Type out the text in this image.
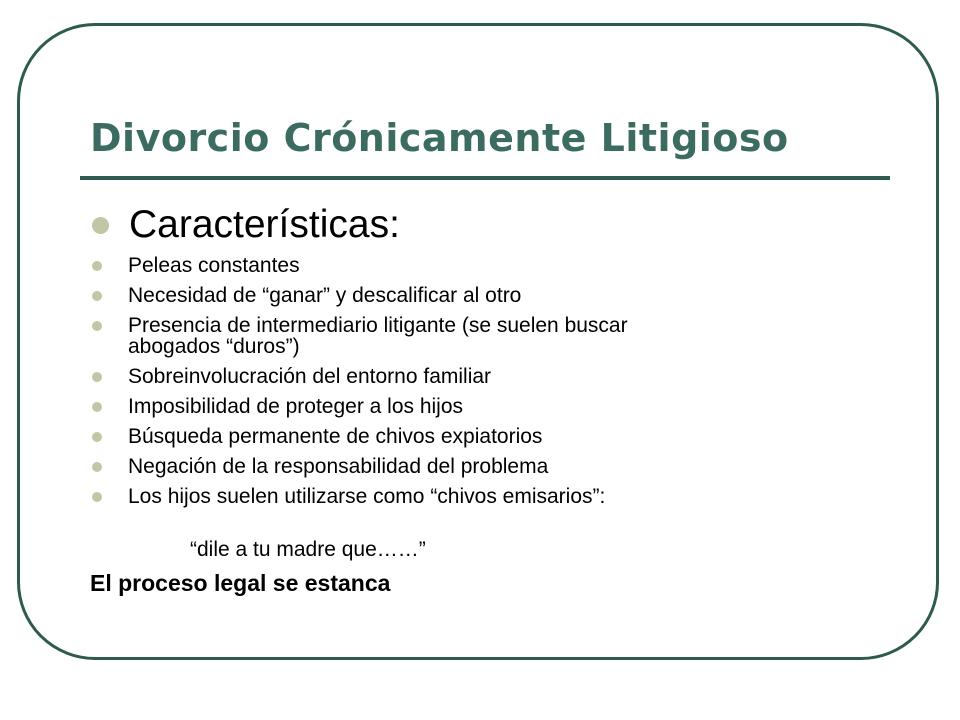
Divorcio Crónicamente Litigioso
Características:
Peleas constantes
Necesidad de “ganar” y descalificar al otro
Presencia de intermediario litigante (se suelen buscar
abogados “duros”)
Sobreinvolucración del entorno familiar
Imposibilidad de proteger a los hijos
Búsqueda permanente de chivos expiatorios
Negación de la responsabilidad del problema
Los hijos suelen utilizarse como “chivos emisarios”:
“dile a tu madre que……”
El proceso legal se estanca
